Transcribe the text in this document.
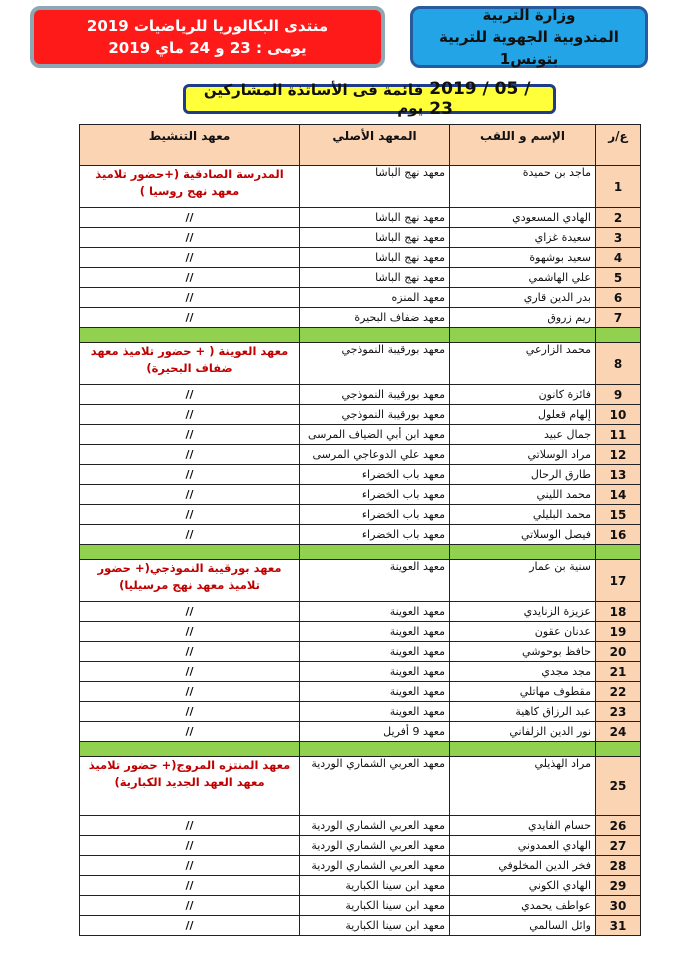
منتدى البكالوريا للرياضيات 2019
يومى : 23 و 24 ماي 2019
وزارة التربية
المندوبية الجهوية للتربية بتونس1
قائمة فى الأساتذة المشاركين يوم
2019 / 05 / 23
ع/ر	الإسم و اللقب	المعهد الأصلي	معهد التنشيط
1	ماجد بن حميدة	معهد نهج الباشا	المدرسة الصادقية (+حضور تلاميذ معهد نهج روسيا )
2	الهادي المسعودي	معهد نهج الباشا	//
3	سعيدة غزاي	معهد نهج الباشا	//
4	سعيد بوشهوة	معهد نهج الباشا	//
5	علي الهاشمي	معهد نهج الباشا	//
6	بدر الدين قاري	معهد المنزه	//
7	ريم زروق	معهد ضفاف البحيرة	//

8	محمد الزارعي	معهد بورقيبة النموذجي	معهد العوينة ( + حضور تلاميذ معهد ضفاف البحيرة)
9	فائزة كانون	معهد بورقيبة النموذجي	//
10	إلهام قعلول	معهد بورقيبة النموذجي	//
11	جمال عبيد	معهد ابن أبي الضياف المرسى	//
12	مراد الوسلاتي	معهد علي الدوعاجي المرسى	//
13	طارق الرحال	معهد باب الخضراء	//
14	محمد الليني	معهد باب الخضراء	//
15	محمد البليلي	معهد باب الخضراء	//
16	فيصل الوسلاتي	معهد باب الخضراء	//

17	سنية بن عمار	معهد العوينة	معهد بورقيبة النموذجي(+ حضور تلاميذ معهد نهج مرسيليا)
18	عزيزة الزنايدي	معهد العوينة	//
19	عدنان عقون	معهد العوينة	//
20	حافظ بوحوشي	معهد العوينة	//
21	مجد مجدي	معهد العوينة	//
22	مقطوف مهاتلي	معهد العوينة	//
23	عبد الرزاق كاهية	معهد العوينة	//
24	نور الدين الزلفاني	معهد 9 أفريل	//

25	مراد الهذيلي	معهد العربي الشماري الوردية	معهد المنتزه المروج(+ حضور تلاميذ معهد العهد الجديد الكبارية)
26	حسام الفايدي	معهد العربي الشماري الوردية	//
27	الهادي العمدوني	معهد العربي الشماري الوردية	//
28	فخر الدين المخلوفي	معهد العربي الشماري الوردية	//
29	الهادي الكوني	معهد ابن سينا الكبارية	//
30	عواطف يحمدي	معهد ابن سينا الكبارية	//
31	وائل السالمي	معهد ابن سينا الكبارية	//
